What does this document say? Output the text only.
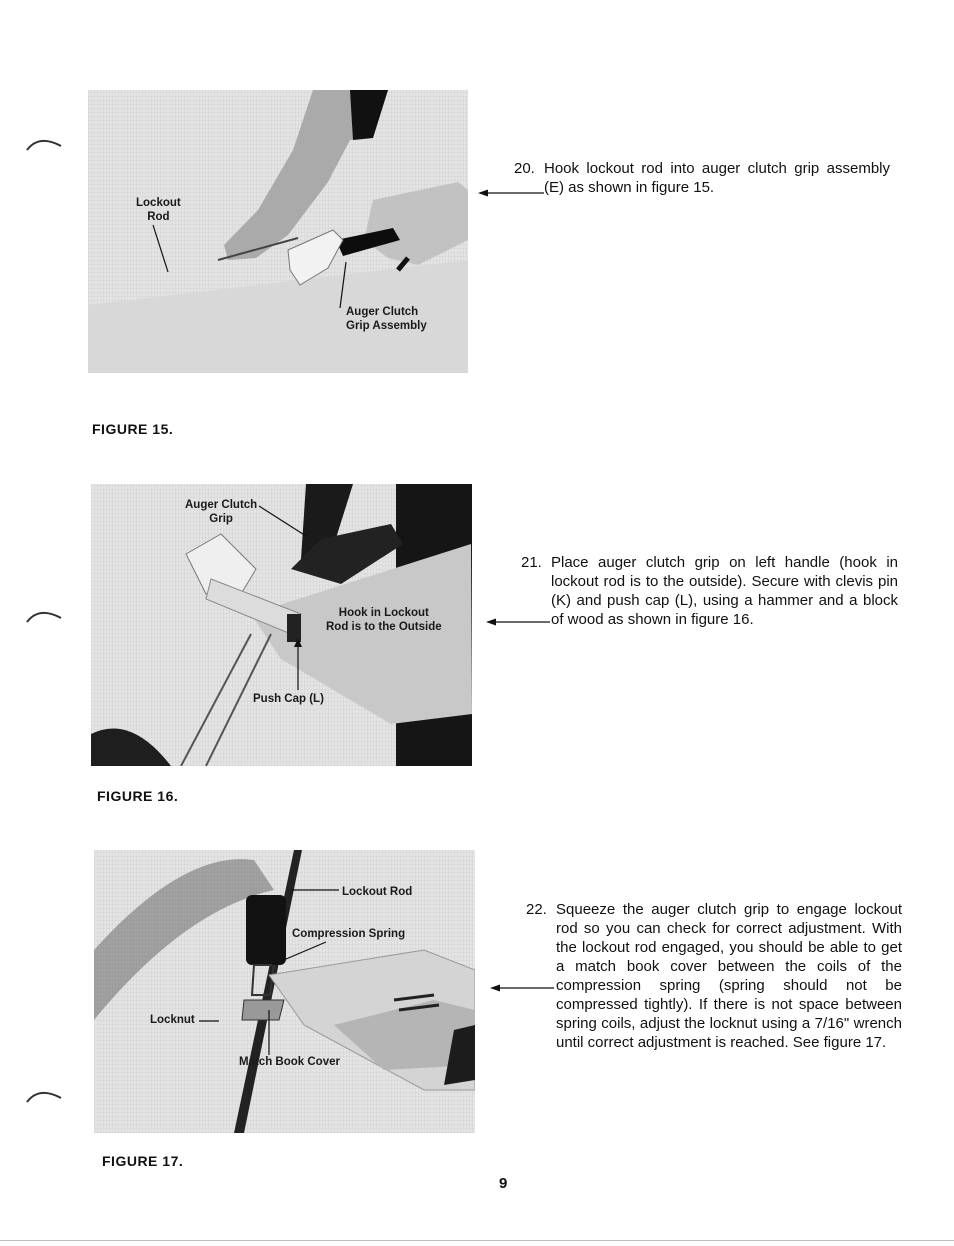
Lockout
Rod
Auger Clutch
Grip Assembly
FIGURE 15.
20. Hook lockout rod into auger clutch grip assembly (E) as shown in figure 15.
Auger Clutch
Grip
Hook in Lockout
Rod is to the Outside
Push Cap (L)
FIGURE 16.
21. Place auger clutch grip on left handle (hook in lockout rod is to the outside). Secure with clevis pin (K) and push cap (L), using a hammer and a block of wood as shown in figure 16.
Lockout Rod
Compression Spring
Locknut
Match Book Cover
FIGURE 17.
22. Squeeze the auger clutch grip to engage lockout rod so you can check for correct adjustment. With the lockout rod engaged, you should be able to get a match book cover between the coils of the compression spring (spring should not be compressed tightly). If there is not space between spring coils, adjust the locknut using a 7/16" wrench until correct adjustment is reached. See figure 17.
9
